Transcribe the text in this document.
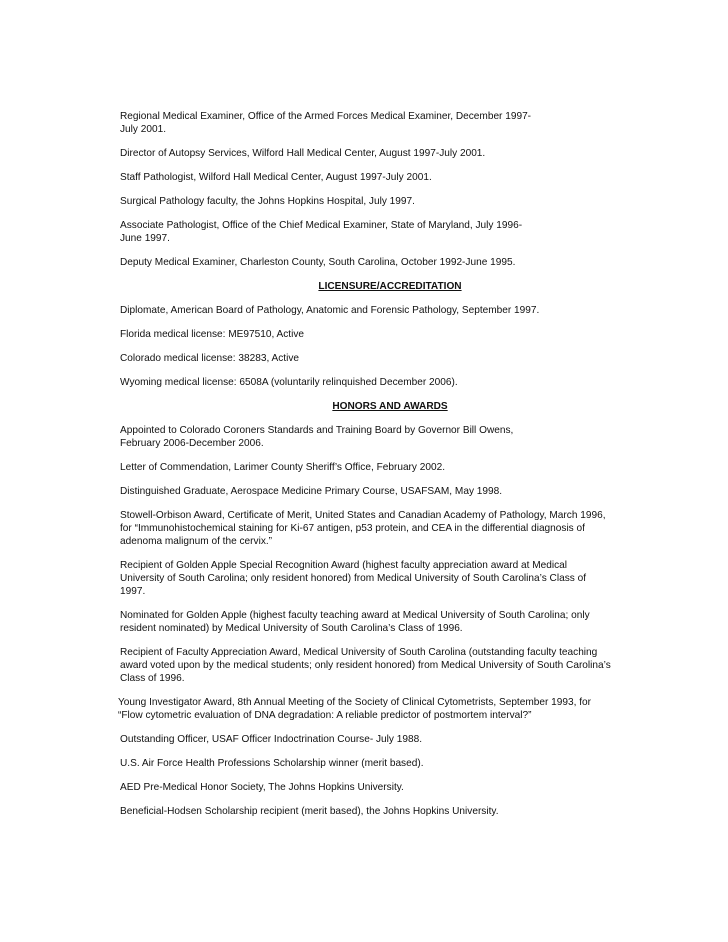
Regional Medical Examiner, Office of the Armed Forces Medical Examiner, December 1997-
July 2001.

Director of Autopsy Services, Wilford Hall Medical Center, August 1997-July 2001.

Staff Pathologist, Wilford Hall Medical Center, August 1997-July 2001.

Surgical Pathology faculty, the Johns Hopkins Hospital, July 1997.

Associate Pathologist, Office of the Chief Medical Examiner, State of Maryland, July 1996-
June 1997.

Deputy Medical Examiner, Charleston County, South Carolina, October 1992-June 1995.

LICENSURE/ACCREDITATION

Diplomate, American Board of Pathology, Anatomic and Forensic Pathology, September 1997.

Florida medical license: ME97510, Active

Colorado medical license: 38283, Active

Wyoming medical license: 6508A (voluntarily relinquished December 2006).

HONORS AND AWARDS

Appointed to Colorado Coroners Standards and Training Board by Governor Bill Owens,
February 2006-December 2006.

Letter of Commendation, Larimer County Sheriff’s Office, February 2002.

Distinguished Graduate, Aerospace Medicine Primary Course, USAFSAM, May 1998.

Stowell-Orbison Award, Certificate of Merit, United States and Canadian Academy of Pathology, March 1996,
for “Immunohistochemical staining for Ki-67 antigen, p53 protein, and CEA in the differential diagnosis of
adenoma malignum of the cervix.”

Recipient of Golden Apple Special Recognition Award (highest faculty appreciation award at Medical
University of South Carolina; only resident honored) from Medical University of South Carolina’s Class of
1997.

Nominated for Golden Apple (highest faculty teaching award at Medical University of South Carolina; only
resident nominated) by Medical University of South Carolina’s Class of 1996.

Recipient of Faculty Appreciation Award, Medical University of South Carolina (outstanding faculty teaching
award voted upon by the medical students; only resident honored) from Medical University of South Carolina’s
Class of 1996.

Young Investigator Award, 8th Annual Meeting of the Society of Clinical Cytometrists, September 1993, for
“Flow cytometric evaluation of DNA degradation: A reliable predictor of postmortem interval?”

Outstanding Officer, USAF Officer Indoctrination Course- July 1988.

U.S. Air Force Health Professions Scholarship winner (merit based).

AED Pre-Medical Honor Society, The Johns Hopkins University.

Beneficial-Hodsen Scholarship recipient (merit based), the Johns Hopkins University.
